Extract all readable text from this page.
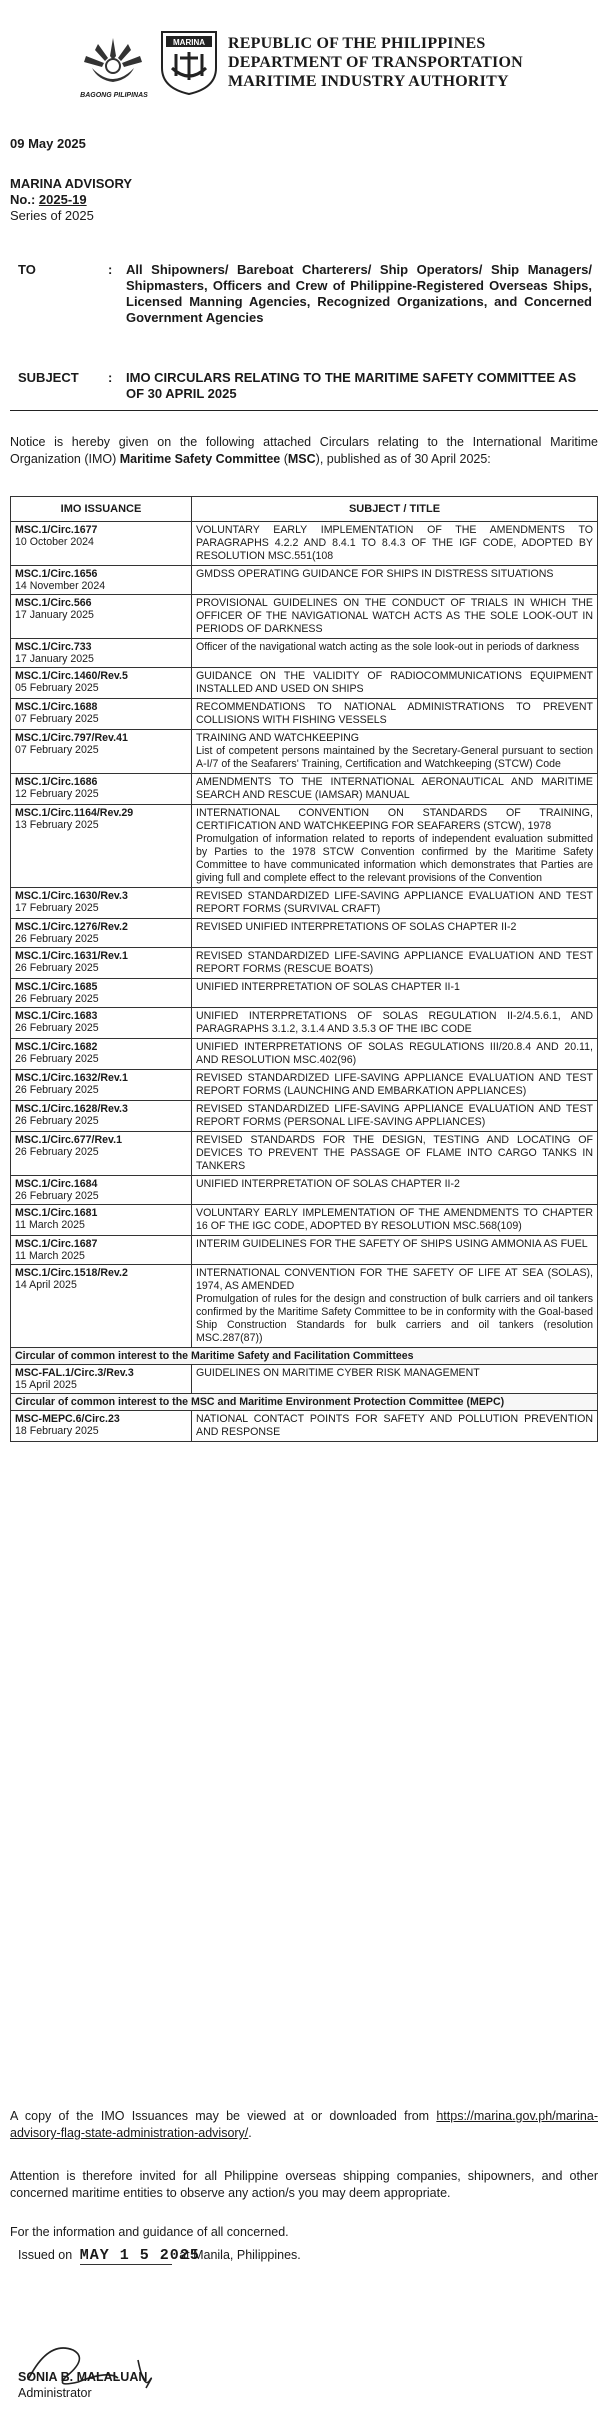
BAGONG PILIPINAS
MARINA REPUBLIC OF THE PHILIPPINES
DEPARTMENT OF TRANSPORTATION
MARITIME INDUSTRY AUTHORITY
09 May 2025
MARINA ADVISORY
No.: 2025-19
Series of 2025
TO	: All Shipowners/ Bareboat Charterers/ Ship Operators/ Ship Managers/ Shipmasters, Officers and Crew of Philippine-Registered Overseas Ships, Licensed Manning Agencies, Recognized Organizations, and Concerned Government Agencies
SUBJECT : IMO CIRCULARS RELATING TO THE MARITIME SAFETY COMMITTEE AS OF 30 APRIL 2025
Notice is hereby given on the following attached Circulars relating to the International Maritime Organization (IMO) Maritime Safety Committee (MSC), published as of 30 April 2025:
IMO ISSUANCE	SUBJECT / TITLE

MSC.1/Circ.1677
10 October 2024	VOLUNTARY EARLY IMPLEMENTATION OF THE AMENDMENTS TO PARAGRAPHS 4.2.2 AND 8.4.1 TO 8.4.3 OF THE IGF CODE, ADOPTED BY RESOLUTION MSC.551(108

MSC.1/Circ.1656
14 November 2024	GMDSS OPERATING GUIDANCE FOR SHIPS IN DISTRESS SITUATIONS

MSC.1/Circ.566
17 January 2025	PROVISIONAL GUIDELINES ON THE CONDUCT OF TRIALS IN WHICH THE OFFICER OF THE NAVIGATIONAL WATCH ACTS AS THE SOLE LOOK-OUT IN PERIODS OF DARKNESS

MSC.1/Circ.733
17 January 2025	Officer of the navigational watch acting as the sole look-out in periods of darkness

MSC.1/Circ.1460/Rev.5
05 February 2025	GUIDANCE ON THE VALIDITY OF RADIOCOMMUNICATIONS EQUIPMENT INSTALLED AND USED ON SHIPS

MSC.1/Circ.1688
07 February 2025	RECOMMENDATIONS TO NATIONAL ADMINISTRATIONS TO PREVENT COLLISIONS WITH FISHING VESSELS

MSC.1/Circ.797/Rev.41
07 February 2025	TRAINING AND WATCHKEEPING
List of competent persons maintained by the Secretary-General pursuant to section A-I/7 of the Seafarers' Training, Certification and Watchkeeping (STCW) Code

MSC.1/Circ.1686
12 February 2025	AMENDMENTS TO THE INTERNATIONAL AERONAUTICAL AND MARITIME SEARCH AND RESCUE (IAMSAR) MANUAL

MSC.1/Circ.1164/Rev.29
13 February 2025	INTERNATIONAL CONVENTION ON STANDARDS OF TRAINING, CERTIFICATION AND WATCHKEEPING FOR SEAFARERS (STCW), 1978
Promulgation of information related to reports of independent evaluation submitted by Parties to the 1978 STCW Convention confirmed by the Maritime Safety Committee to have communicated information which demonstrates that Parties are giving full and complete effect to the relevant provisions of the Convention

MSC.1/Circ.1630/Rev.3
17 February 2025	REVISED STANDARDIZED LIFE-SAVING APPLIANCE EVALUATION AND TEST REPORT FORMS (SURVIVAL CRAFT)

MSC.1/Circ.1276/Rev.2
26 February 2025	REVISED UNIFIED INTERPRETATIONS OF SOLAS CHAPTER II-2

MSC.1/Circ.1631/Rev.1
26 February 2025	REVISED STANDARDIZED LIFE-SAVING APPLIANCE EVALUATION AND TEST REPORT FORMS (RESCUE BOATS)

MSC.1/Circ.1685
26 February 2025	UNIFIED INTERPRETATION OF SOLAS CHAPTER II-1

MSC.1/Circ.1683
26 February 2025	UNIFIED INTERPRETATIONS OF SOLAS REGULATION II-2/4.5.6.1, AND PARAGRAPHS 3.1.2, 3.1.4 AND 3.5.3 OF THE IBC CODE

MSC.1/Circ.1682
26 February 2025	UNIFIED INTERPRETATIONS OF SOLAS REGULATIONS III/20.8.4 AND 20.11, AND RESOLUTION MSC.402(96)

MSC.1/Circ.1632/Rev.1
26 February 2025	REVISED STANDARDIZED LIFE-SAVING APPLIANCE EVALUATION AND TEST REPORT FORMS (LAUNCHING AND EMBARKATION APPLIANCES)

MSC.1/Circ.1628/Rev.3
26 February 2025	REVISED STANDARDIZED LIFE-SAVING APPLIANCE EVALUATION AND TEST REPORT FORMS (PERSONAL LIFE-SAVING APPLIANCES)

MSC.1/Circ.677/Rev.1
26 February 2025	REVISED STANDARDS FOR THE DESIGN, TESTING AND LOCATING OF DEVICES TO PREVENT THE PASSAGE OF FLAME INTO CARGO TANKS IN TANKERS

MSC.1/Circ.1684
26 February 2025	UNIFIED INTERPRETATION OF SOLAS CHAPTER II-2

MSC.1/Circ.1681
11 March 2025	VOLUNTARY EARLY IMPLEMENTATION OF THE AMENDMENTS TO CHAPTER 16 OF THE IGC CODE, ADOPTED BY RESOLUTION MSC.568(109)

MSC.1/Circ.1687
11 March 2025	INTERIM GUIDELINES FOR THE SAFETY OF SHIPS USING AMMONIA AS FUEL

MSC.1/Circ.1518/Rev.2
14 April 2025	INTERNATIONAL CONVENTION FOR THE SAFETY OF LIFE AT SEA (SOLAS), 1974, AS AMENDED
Promulgation of rules for the design and construction of bulk carriers and oil tankers confirmed by the Maritime Safety Committee to be in conformity with the Goal-based Ship Construction Standards for bulk carriers and oil tankers (resolution MSC.287(87))

Circular of common interest to the Maritime Safety and Facilitation Committees	

MSC-FAL.1/Circ.3/Rev.3
15 April 2025	GUIDELINES ON MARITIME CYBER RISK MANAGEMENT

Circular of common interest to the MSC and Maritime Environment Protection Committee (MEPC)	

MSC-MEPC.6/Circ.23
18 February 2025	NATIONAL CONTACT POINTS FOR SAFETY AND POLLUTION PREVENTION AND RESPONSE
A copy of the IMO Issuances may be viewed at or downloaded from https://marina.gov.ph/marina-advisory-flag-state-administration-advisory/.
Attention is therefore invited for all Philippine overseas shipping companies, shipowners, and other concerned maritime entities to observe any action/s you may deem appropriate.
For the information and guidance of all concerned.
Issued on MAY 1 5 2025 at Manila, Philippines.
SONIA B. MALALUAN
Administrator
